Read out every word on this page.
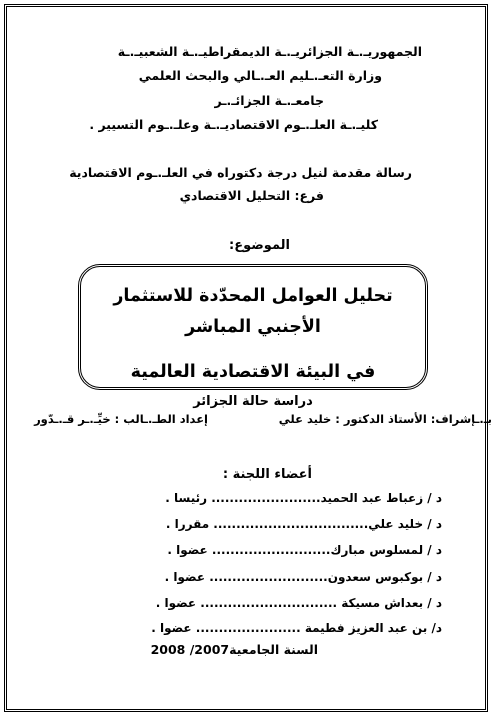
الجمهوريـ.ـة الجزائريـ.ـة الديمقراطيـ.ـة الشعبيـ.ـة
وزارة التعـ.ـليم العـ.ـالي والبحث العلمي
جامعـ.ـة الجزائـ.ـر
كليـ.ـة العلـ.ـوم الاقتصاديـ.ـة وعلـ.ـوم التسيير .
رسالة مقدمة لنيل درجة دكتوراه في العلـ.ـوم الاقتصادية
فرع: التحليل الاقتصادي
الموضوع:
تحليل العوامل المحدّدة للاستثمار الأجنبي المباشر
في البيئة الاقتصادية العالمية
دراسة حالة الجزائر
بـ.ـإشراف: الأستاذ الدكتور : خليد علي
إعداد الطـ.ـالب : خيِّـ.ـر قـ.ـدّور
أعضاء اللجنة :
د / زعباط عبد الحميد........................ رئيسا .
د / خليد علي.................................. مقررا .
د / لمسلوس مبارك.......................... عضوا .
د / بوكبوس سعدون.......................... عضوا .
د / بعداش مسيكة .............................. عضوا .
د/ بن عبد العزيز فطيمة ....................... عضوا .
السنة الجامعية2007/ 2008
